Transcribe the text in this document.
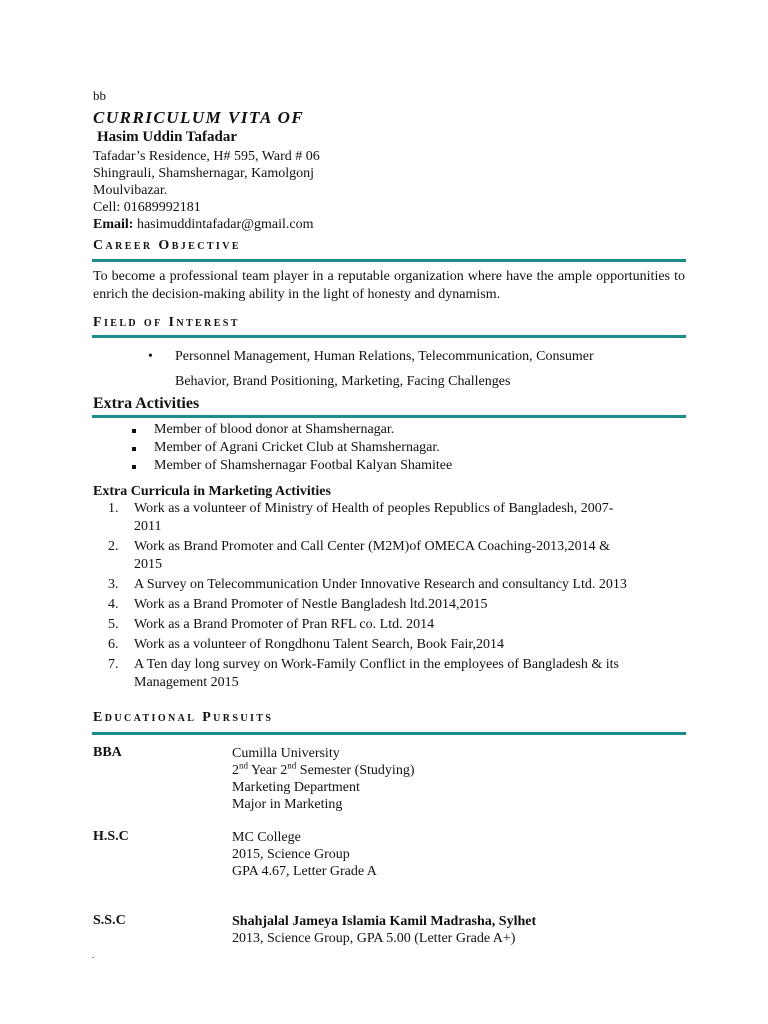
bb
CURRICULUM VITA OF
Hasim Uddin Tafadar
Tafadar’s Residence, H# 595, Ward # 06
Shingrauli, Shamshernagar, Kamolgonj
Moulvibazar.
Cell: 01689992181
Email: hasimuddintafadar@gmail.com
Career Objective
To become a professional team player in a reputable organization where have the ample opportunities to enrich the decision-making ability in the light of honesty and dynamism.
Field of Interest
• Personnel Management, Human Relations, Telecommunication, Consumer
Behavior, Brand Positioning, Marketing, Facing Challenges
Extra Activities
Member of blood donor at Shamshernagar.
Member of Agrani Cricket Club at Shamshernagar.
Member of Shamshernagar Footbal Kalyan Shamitee
Extra Curricula in Marketing Activities
1. Work as a volunteer of Ministry of Health of peoples Republics of Bangladesh, 2007-
2011
2. Work as Brand Promoter and Call Center (M2M)of OMECA Coaching-2013,2014 &
2015
3. A Survey on Telecommunication Under Innovative Research and consultancy Ltd. 2013
4. Work as a Brand Promoter of Nestle Bangladesh ltd.2014,2015
5. Work as a Brand Promoter of Pran RFL co. Ltd. 2014
6. Work as a volunteer of Rongdhonu Talent Search, Book Fair,2014
7. A Ten day long survey on Work-Family Conflict in the employees of Bangladesh & its
Management 2015
Educational Pursuits
BBA	Cumilla University
2nd Year 2nd Semester (Studying)
Marketing Department
Major in Marketing
H.S.C	MC College
2015, Science Group
GPA 4.67, Letter Grade A
S.S.C	Shahjalal Jameya Islamia Kamil Madrasha, Sylhet
2013, Science Group, GPA 5.00 (Letter Grade A+)
.
